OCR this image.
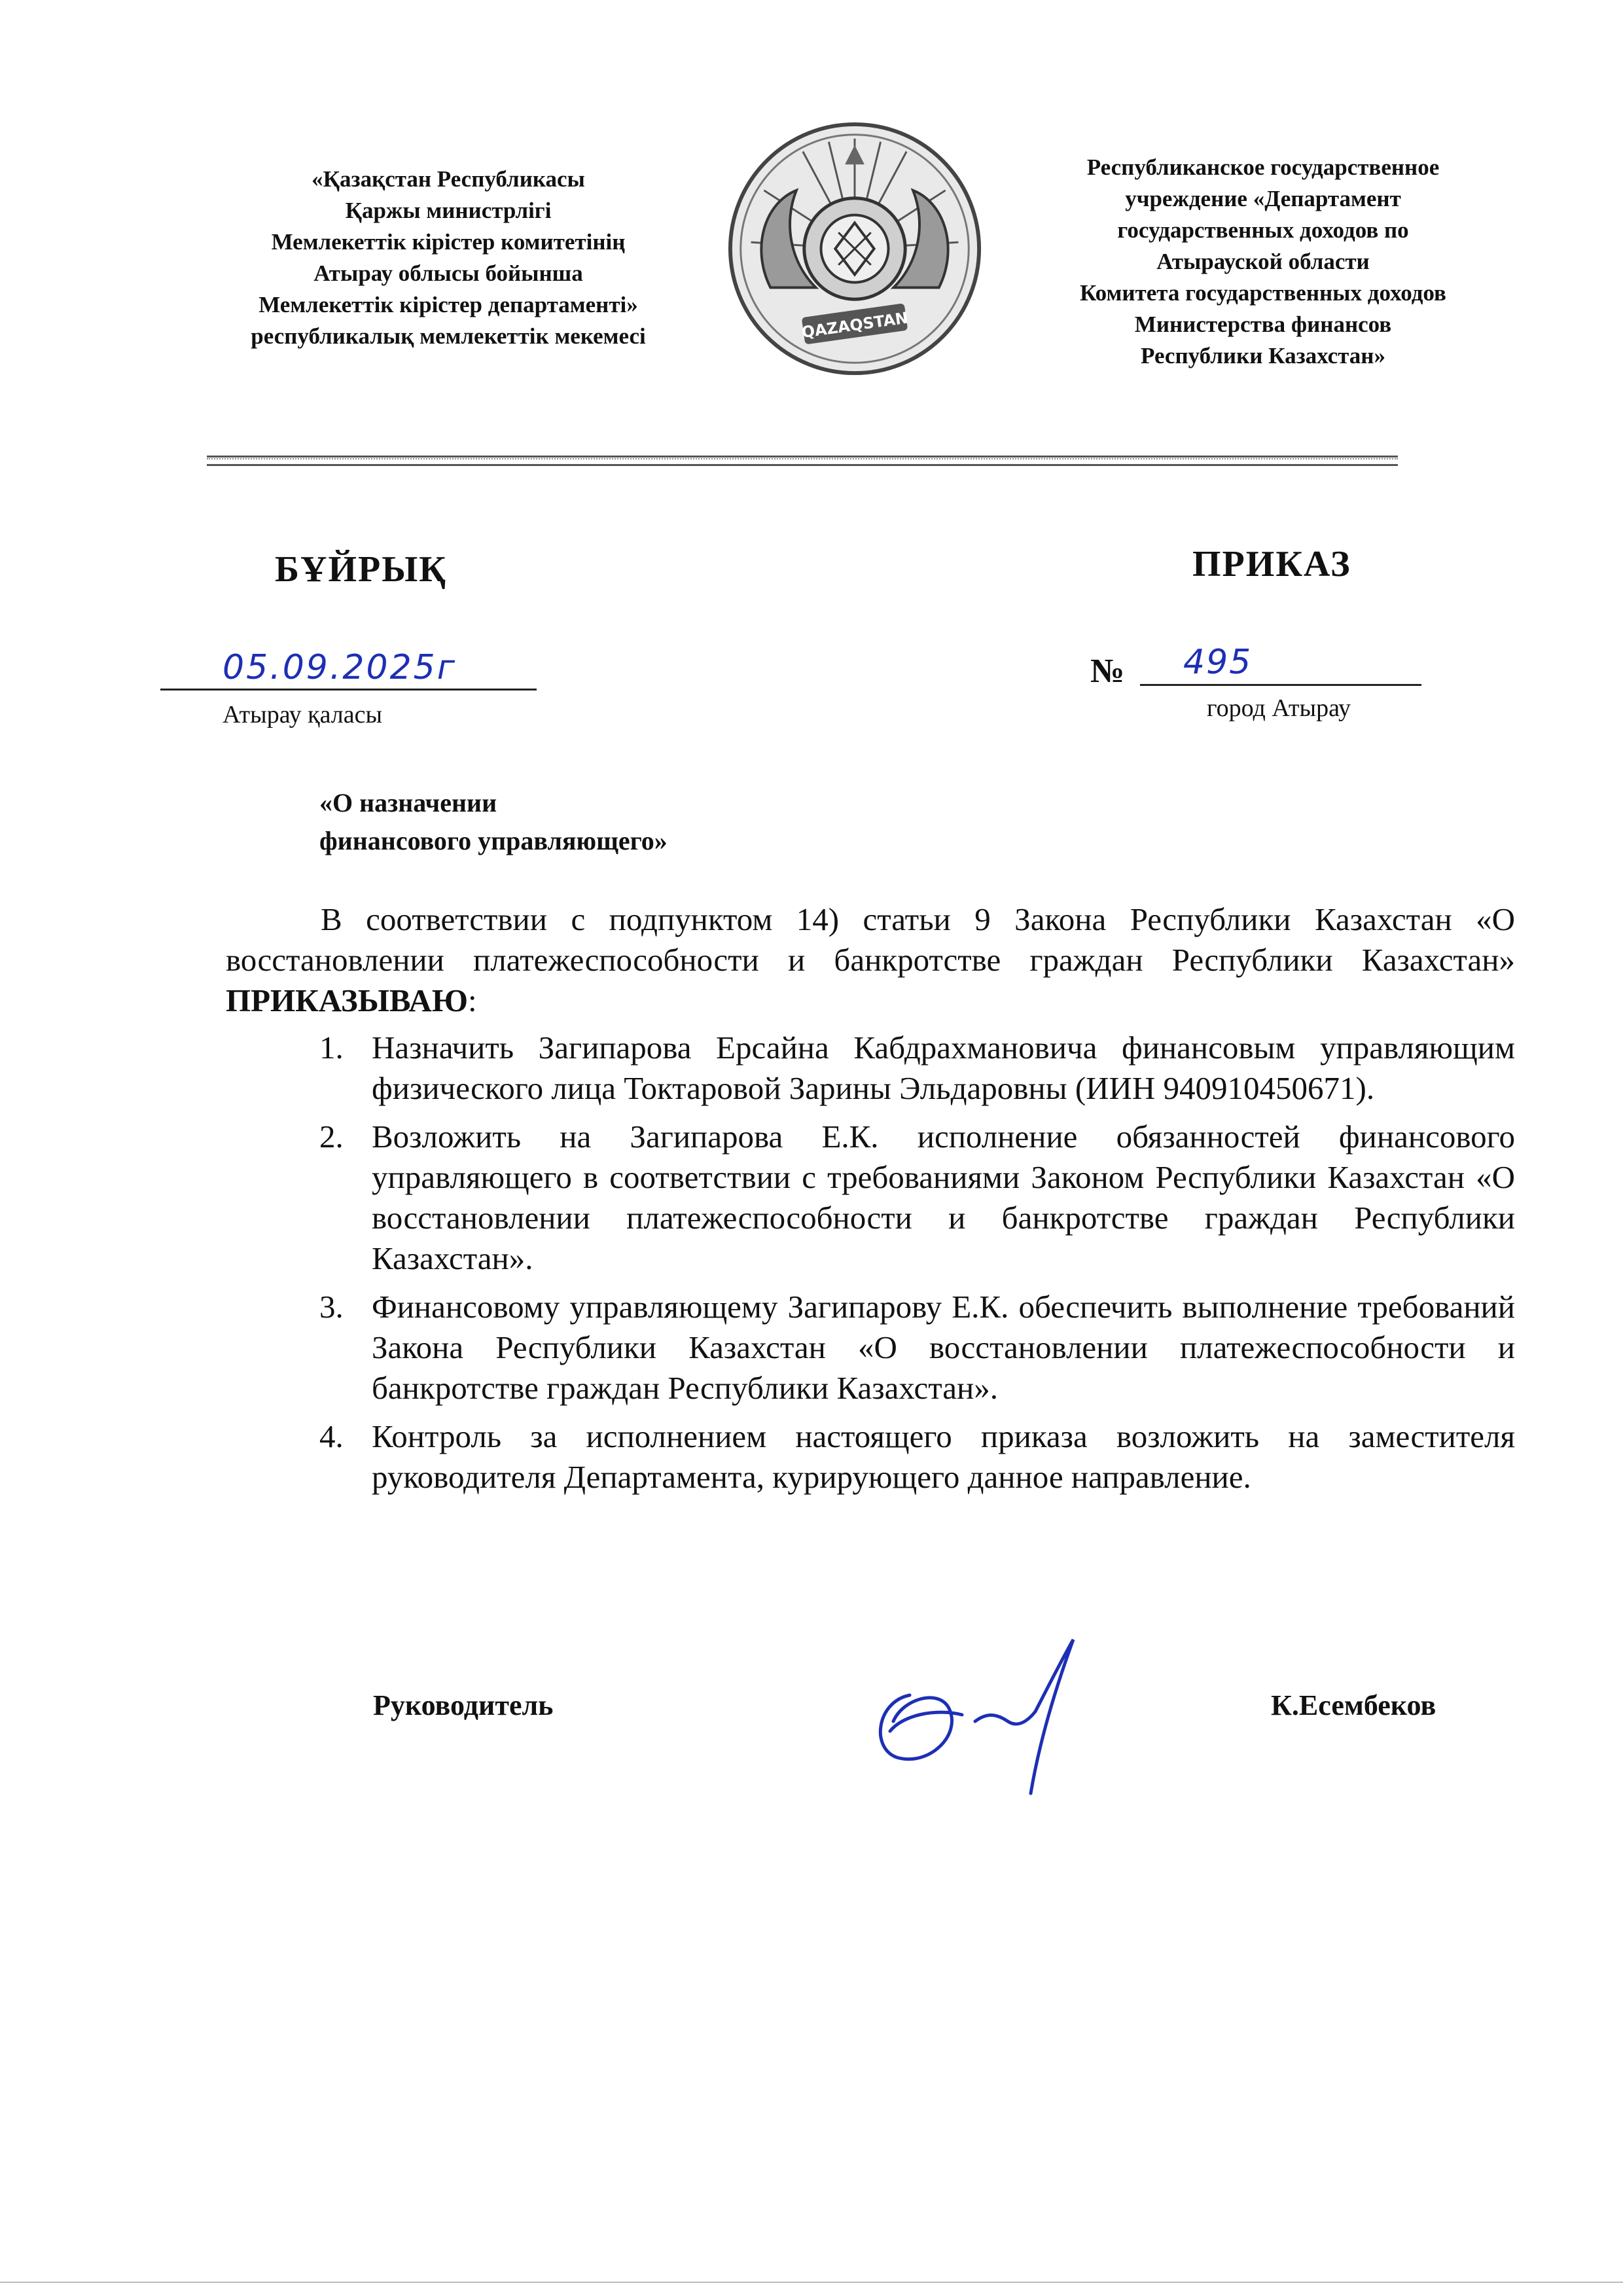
«Қазақстан Республикасы
Қаржы министрлігі
Мемлекеттік кірістер комитетінің
Атырау облысы бойынша
Мемлекеттік кірістер департаменті»
республикалық мемлекеттік мекемесі	QAZAQSTAN
Республиканское государственное
учреждение «Департамент
государственных доходов по
Атырауской области
Комитета государственных доходов
Министерства финансов
Республики Казахстан»
БҰЙРЫҚ	ПРИКАЗ
05.09.2025г
Атырау қаласы
№ 495
город Атырау
«О назначении
финансового управляющего»

В соответствии с подпунктом 14) статьи 9 Закона Республики Казахстан «О восстановлении платежеспособности и банкротстве граждан Республики Казахстан» ПРИКАЗЫВАЮ:

1. Назначить Загипарова Ерсайна Кабдрахмановича финансовым управляющим физического лица Токтаровой Зарины Эльдаровны (ИИН 940910450671).
2. Возложить на Загипарова Е.К. исполнение обязанностей финансового управляющего в соответствии с требованиями Законом Республики Казахстан «О восстановлении платежеспособности и банкротстве граждан Республики Казахстан».
3. Финансовому управляющему Загипарову Е.К. обеспечить выполнение требований Закона Республики Казахстан «О восстановлении платежеспособности и банкротстве граждан Республики Казахстан».
4. Контроль за исполнением настоящего приказа возложить на заместителя руководителя Департамента, курирующего данное направление.
Руководитель	К.Есембеков
